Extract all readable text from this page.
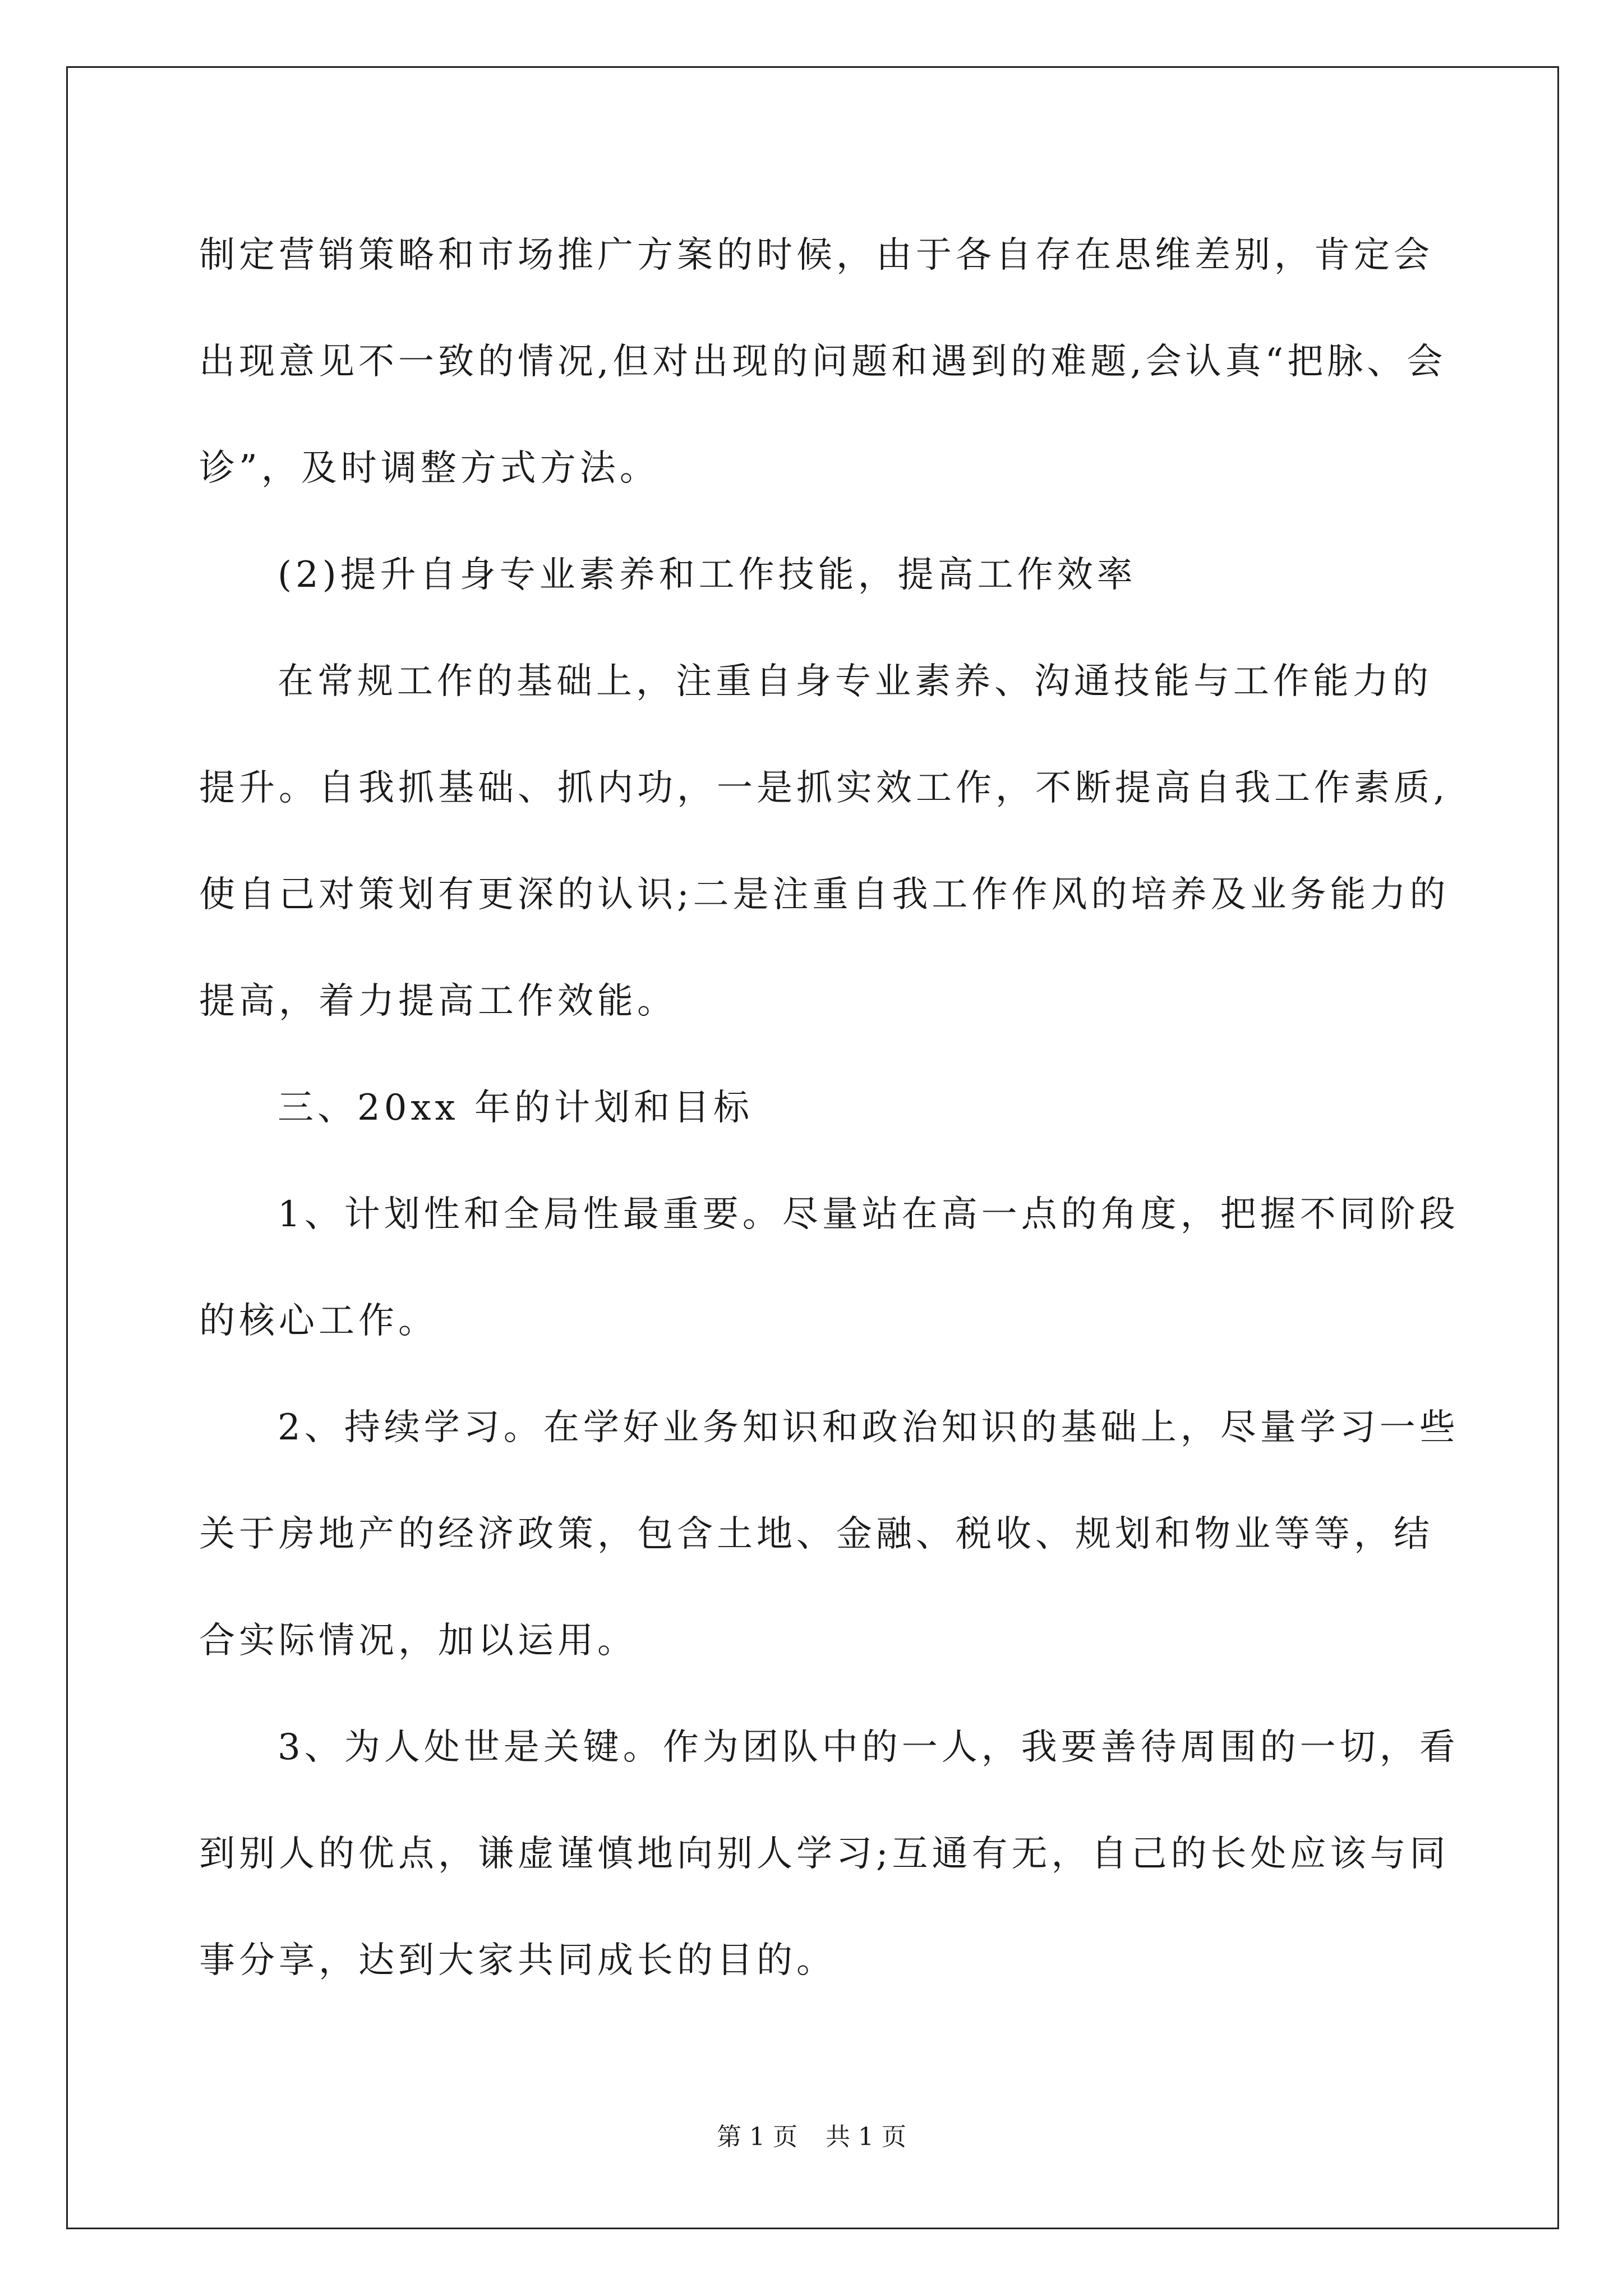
制定营销策略和市场推广方案的时候，由于各自存在思维差别，肯定会出现意见不一致的情况,但对出现的问题和遇到的难题,会认真“把脉、会诊”，及时调整方式方法。

(2)提升自身专业素养和工作技能，提高工作效率

在常规工作的基础上，注重自身专业素养、沟通技能与工作能力的提升。自我抓基础、抓内功，一是抓实效工作，不断提高自我工作素质,使自己对策划有更深的认识;二是注重自我工作作风的培养及业务能力的提高，着力提高工作效能。

三、20xx 年的计划和目标

1、计划性和全局性最重要。尽量站在高一点的角度，把握不同阶段的核心工作。

2、持续学习。在学好业务知识和政治知识的基础上，尽量学习一些关于房地产的经济政策，包含土地、金融、税收、规划和物业等等，结合实际情况，加以运用。

3、为人处世是关键。作为团队中的一人，我要善待周围的一切，看到别人的优点，谦虚谨慎地向别人学习;互通有无，自己的长处应该与同事分享，达到大家共同成长的目的。

第 1 页 共 1 页
